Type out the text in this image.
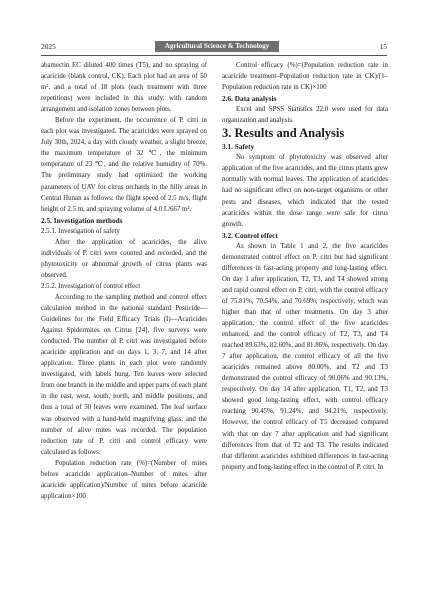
2025	Agricultural Science & Technology	15

abamectin EC diluted 400 times (T5), and no spraying of acaricide (blank control, CK). Each plot had an area of 50 m², and a total of 18 plots (each treatment with three repetitions) were included in this study, with random arrangement and isolation zones between plots.

Before the experiment, the occurrence of P. citri in each plot was investigated. The acaricides were sprayed on July 30th, 2024, a day with cloudy weather, a slight breeze, the maximum temperature of 32 ℃, the minimum temperature of 23 ℃, and the relative humidity of 70%. The preliminary study had optimized the working parameters of UAV for citrus orchards in the hilly areas in Central Hunan as follows: the flight speed of 2.5 m/s, flight height of 2.5 m, and spraying volume of 4.0 L/667 m².

2.5. Investigation methods

2.5.1. Investigation of safety

After the application of acaricides, the alive individuals of P. citri were counted and recorded, and the phytotoxicity or abnormal growth of citrus plants was observed.

2.5.2. Investigation of control effect

According to the sampling method and control effect calculation method in the national standard Pesticide—Guidelines for the Field Efficacy Trials (I)—Acaricides Against Spidermites on Citrus [24], five surveys were conducted. The number of P. citri was investigated before acaricide application and on days 1, 3, 7, and 14 after application. Three plants in each plot were randomly investigated, with labels hung. Ten leaves were selected from one branch in the middle and upper parts of each plant in the east, west, south, north, and middle positions, and thus a total of 50 leaves were examined. The leaf surface was observed with a hand-held magnifying glass, and the number of alive mites was recorded. The population reduction rate of P. citri and control efficacy were calculated as follows:

Population reduction rate (%)=(Number of mites before acaricide application–Number of mites after acaricide application)/Number of mites before acaricide application×100

Control efficacy (%)=(Population reduction rate in acaricide treatment–Population reduction rate in CK)/(1–Population reduction rate in CK)×100

2.6. Data analysis

Excel and SPSS Statistics 22.0 were used for data organization and analysis.

3. Results and Analysis

3.1. Safety

No symptom of phytotoxicity was observed after application of the five acaricides, and the citrus plants grew normally with normal leaves. The application of acaricides had no significant effect on non-target organisms or other pests and diseases, which indicated that the tested acaricides within the dose range were safe for citrus growth.

3.2. Control effect

As shown in Table 1 and 2, the five acaricides demonstrated control effect on P. citri but had significant differences in fast-acting property and long-lasting effect. On day 1 after application, T2, T3, and T4 showed strong and rapid control effect on P. citri, with the control efficacy of 75.81%, 70.54%, and 70.69%, respectively, which was higher than that of other treatments. On day 3 after application, the control effect of the five acaricides enhanced, and the control efficacy of T2, T3, and T4 reached 89.63%, 82.60%, and 81.86%, respectively. On day 7 after application, the control efficacy of all the five acaricides remained above 80.00%, and T2 and T3 demonstrated the control efficacy of 90.06% and 90.13%, respectively. On day 14 after application, T1, T2, and T3 showed good long-lasting effect, with control efficacy reaching 90.45%, 91.24%, and 94.21%, respectively. However, the control efficacy of T5 decreased compared with that on day 7 after application and had significant differences from that of T2 and T3. The results indicated that different acaricides exhibited differences in fast-acting property and long-lasting effect in the control of P. citri. In
